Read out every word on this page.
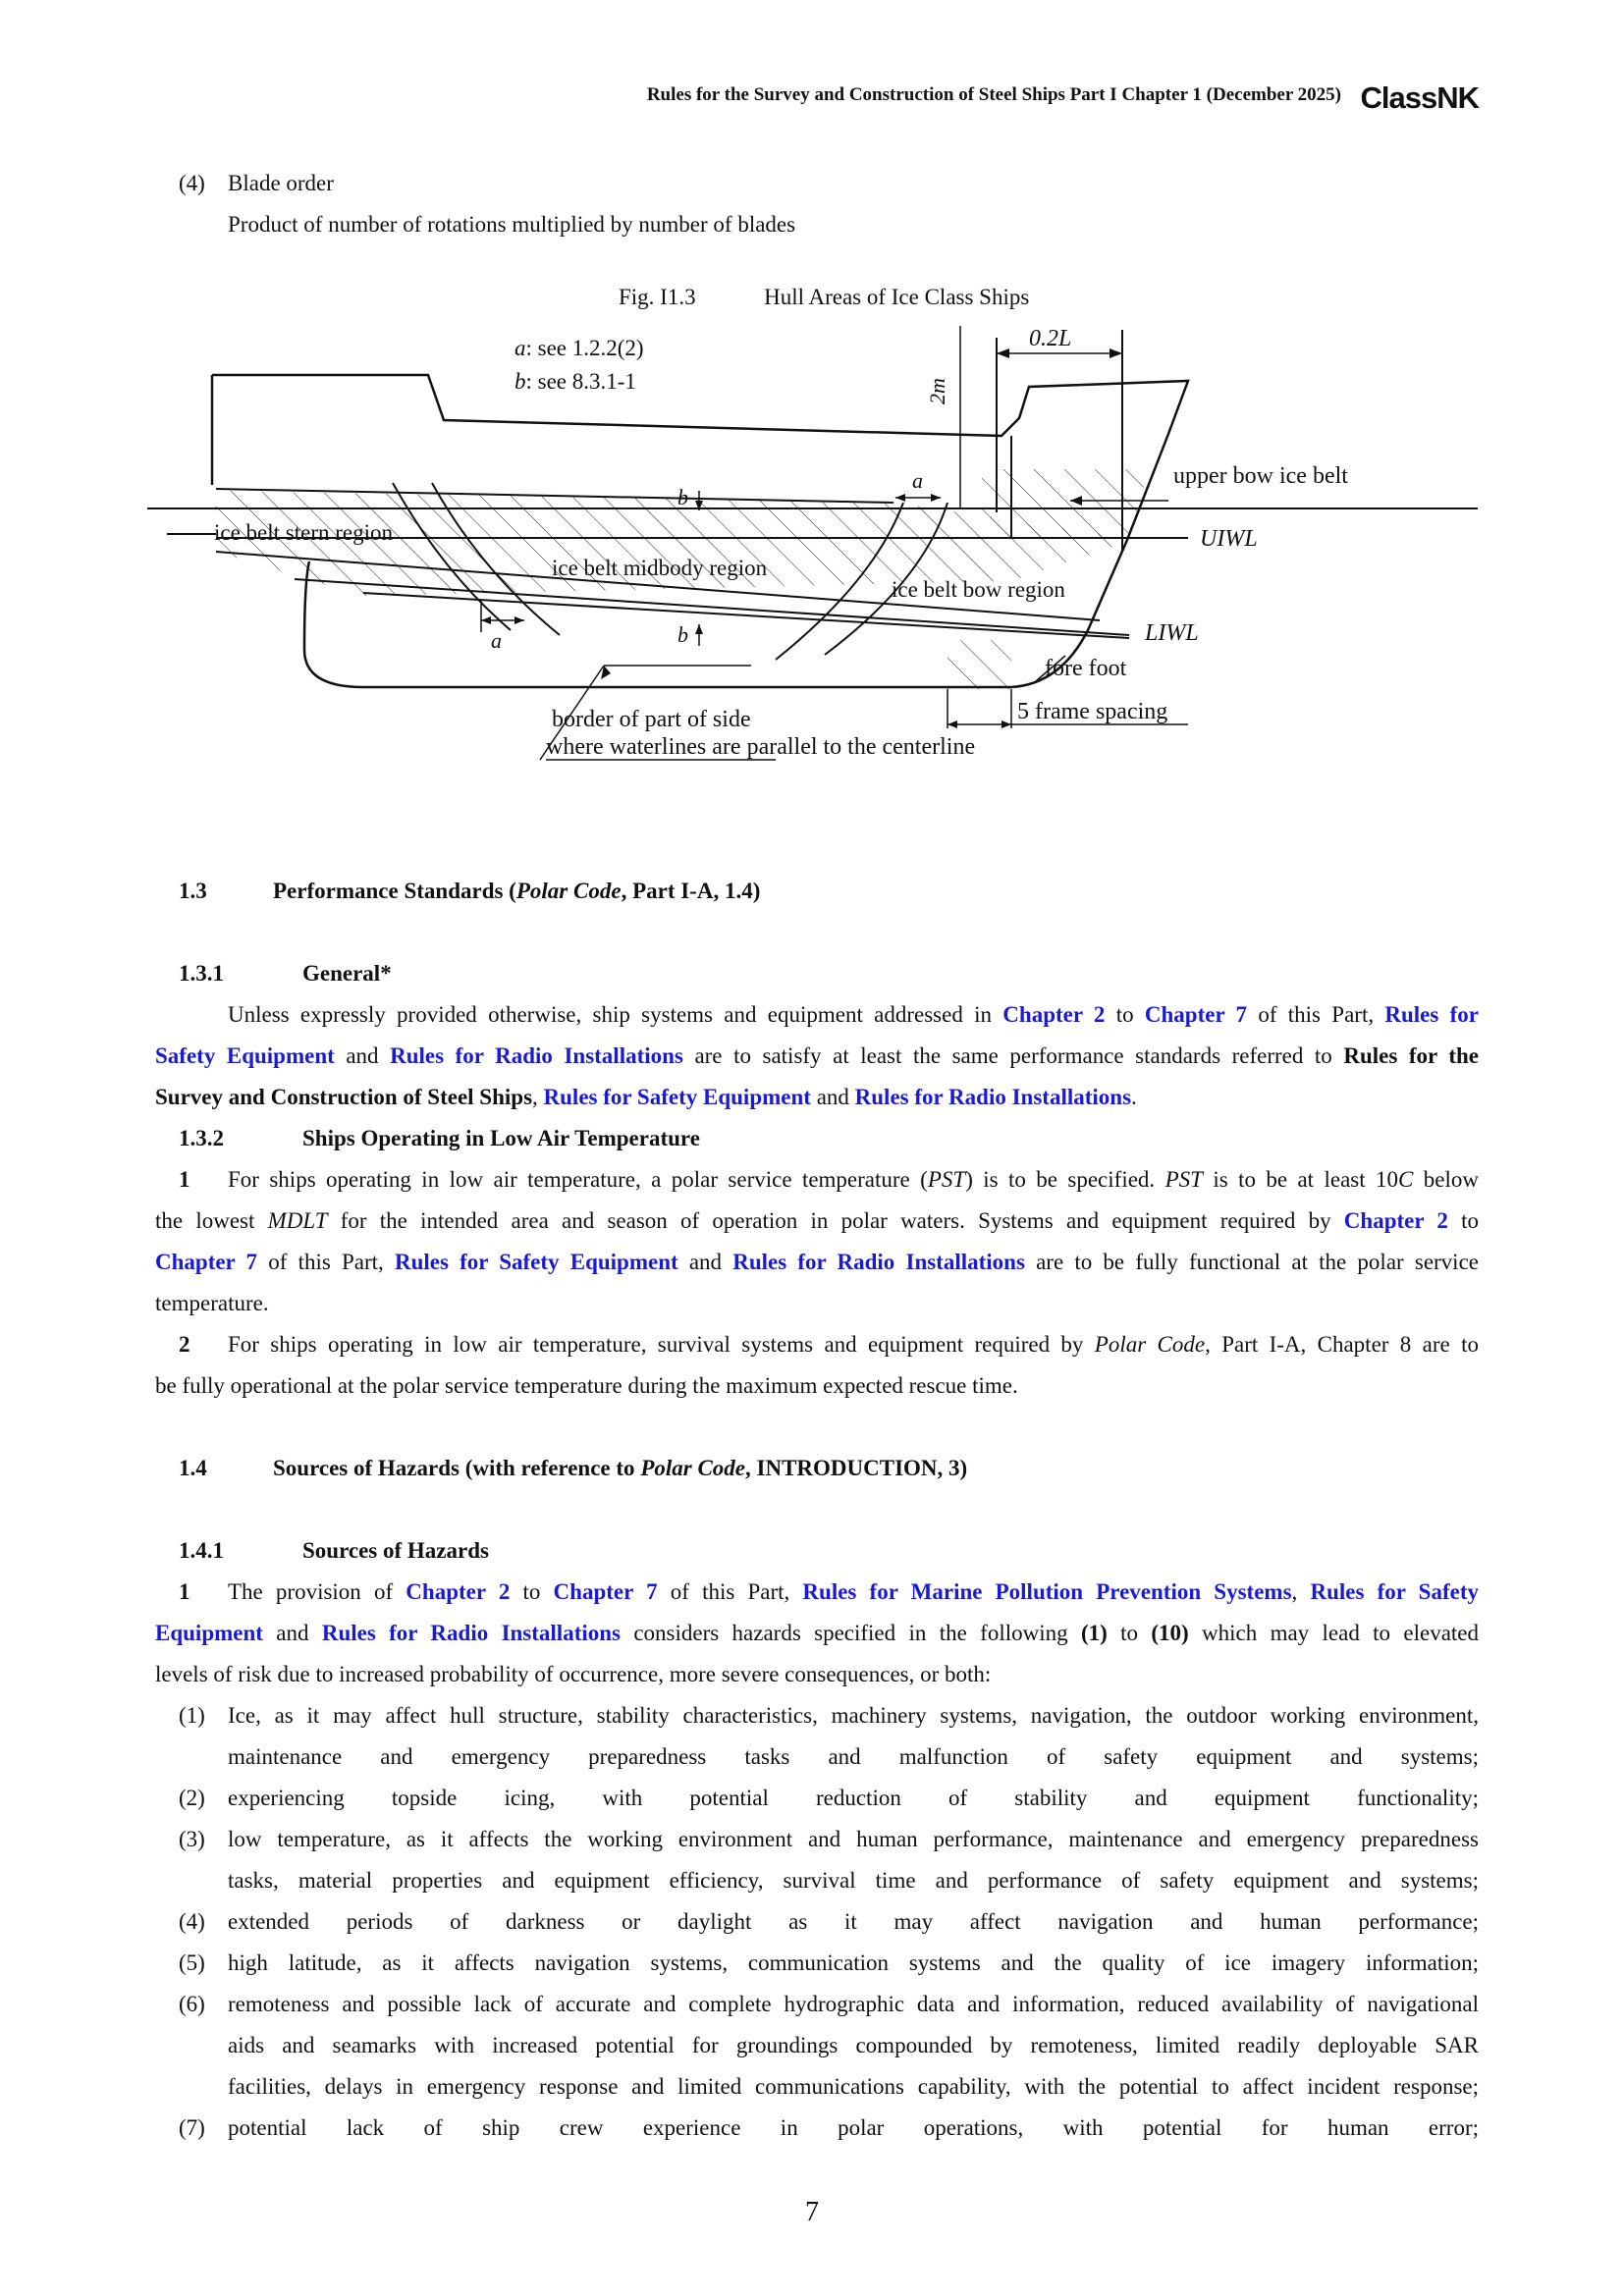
Rules for the Survey and Construction of Steel Ships Part I Chapter 1 (December 2025) ClassNK
(4) Blade order
Product of number of rotations multiplied by number of blades
Fig. I1.3	Hull Areas of Ice Class Ships
0.2L
2m
a
a
b
b
a: see 1.2.2(2)
b: see 8.3.1-1
upper bow ice belt
ice belt stern region
ice belt midbody region
ice belt bow region
UIWL
LIWL
fore foot
5 frame spacing
border of part of side
where waterlines are parallel to the centerline
1.3	Performance Standards (Polar Code, Part I-A, 1.4)
1.3.1	General*
Unless expressly provided otherwise, ship systems and equipment addressed in Chapter 2 to Chapter 7 of this Part, Rules for
Safety Equipment and Rules for Radio Installations are to satisfy at least the same performance standards referred to Rules for the
Survey and Construction of Steel Ships, Rules for Safety Equipment and Rules for Radio Installations.
1.3.2	Ships Operating in Low Air Temperature
1 For ships operating in low air temperature, a polar service temperature (PST) is to be specified. PST is to be at least 10C below
the lowest MDLT for the intended area and season of operation in polar waters. Systems and equipment required by Chapter 2 to
Chapter 7 of this Part, Rules for Safety Equipment and Rules for Radio Installations are to be fully functional at the polar service
temperature.
2 For ships operating in low air temperature, survival systems and equipment required by Polar Code, Part I-A, Chapter 8 are to
be fully operational at the polar service temperature during the maximum expected rescue time.
1.4	Sources of Hazards (with reference to Polar Code, INTRODUCTION, 3)
1.4.1	Sources of Hazards
1 The provision of Chapter 2 to Chapter 7 of this Part, Rules for Marine Pollution Prevention Systems, Rules for Safety
Equipment and Rules for Radio Installations considers hazards specified in the following (1) to (10) which may lead to elevated
levels of risk due to increased probability of occurrence, more severe consequences, or both:
(1) Ice, as it may affect hull structure, stability characteristics, machinery systems, navigation, the outdoor working environment,
maintenance and emergency preparedness tasks and malfunction of safety equipment and systems;
(2) experiencing topside icing, with potential reduction of stability and equipment functionality;
(3) low temperature, as it affects the working environment and human performance, maintenance and emergency preparedness
tasks, material properties and equipment efficiency, survival time and performance of safety equipment and systems;
(4) extended periods of darkness or daylight as it may affect navigation and human performance;
(5) high latitude, as it affects navigation systems, communication systems and the quality of ice imagery information;
(6) remoteness and possible lack of accurate and complete hydrographic data and information, reduced availability of navigational
aids and seamarks with increased potential for groundings compounded by remoteness, limited readily deployable SAR
facilities, delays in emergency response and limited communications capability, with the potential to affect incident response;
(7) potential lack of ship crew experience in polar operations, with potential for human error;
7
